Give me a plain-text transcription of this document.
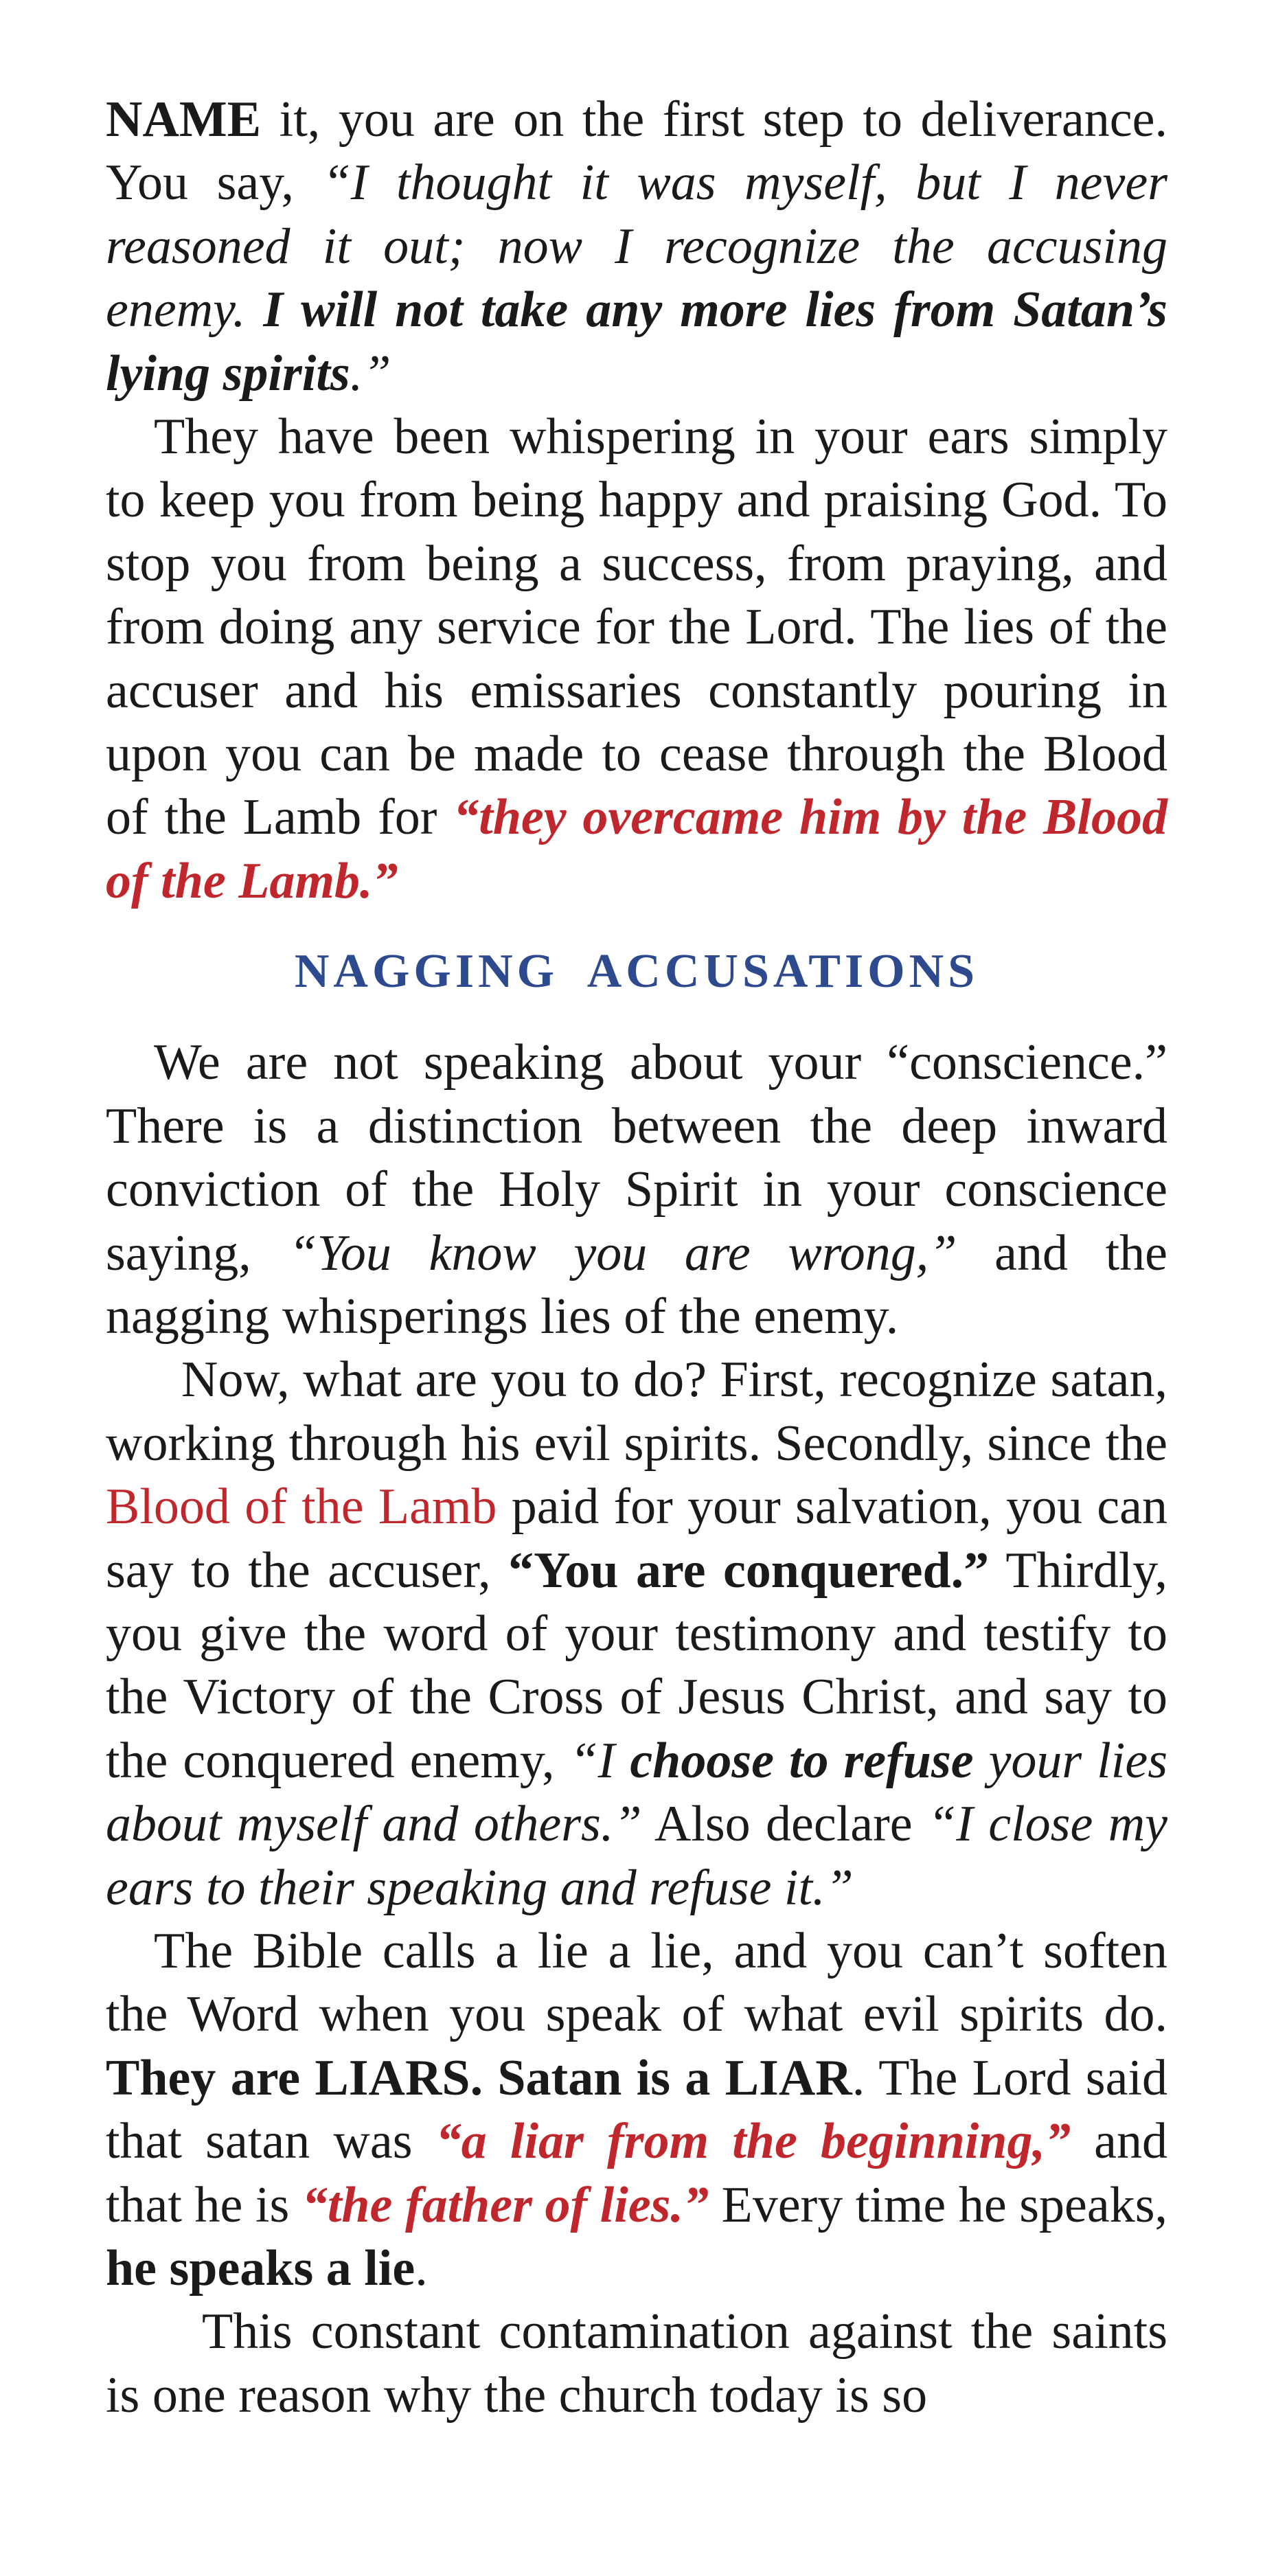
NAME it, you are on the first step to deliverance. You say, “I thought it was myself, but I never reasoned it out; now I recognize the accusing enemy. I will not take any more lies from Satan’s lying spirits.”

They have been whispering in your ears simply to keep you from being happy and praising God. To stop you from being a success, from praying, and from doing any service for the Lord. The lies of the accuser and his emissaries constantly pouring in upon you can be made to cease through the Blood of the Lamb for “they overcame him by the Blood of the Lamb.”

NAGGING ACCUSATIONS

We are not speaking about your “conscience.” There is a distinction between the deep inward conviction of the Holy Spirit in your conscience saying, “You know you are wrong,” and the nagging whisperings lies of the enemy.

Now, what are you to do? First, recognize satan, working through his evil spirits. Secondly, since the Blood of the Lamb paid for your salvation, you can say to the accuser, “You are conquered.” Thirdly, you give the word of your testimony and testify to the Victory of the Cross of Jesus Christ, and say to the conquered enemy, “I choose to refuse your lies about myself and others.” Also declare “I close my ears to their speaking and refuse it.”

The Bible calls a lie a lie, and you can’t soften the Word when you speak of what evil spirits do. They are LIARS. Satan is a LIAR. The Lord said that satan was “a liar from the beginning,” and that he is “the father of lies.” Every time he speaks, he speaks a lie.

This constant contamination against the saints is one reason why the church today is so
